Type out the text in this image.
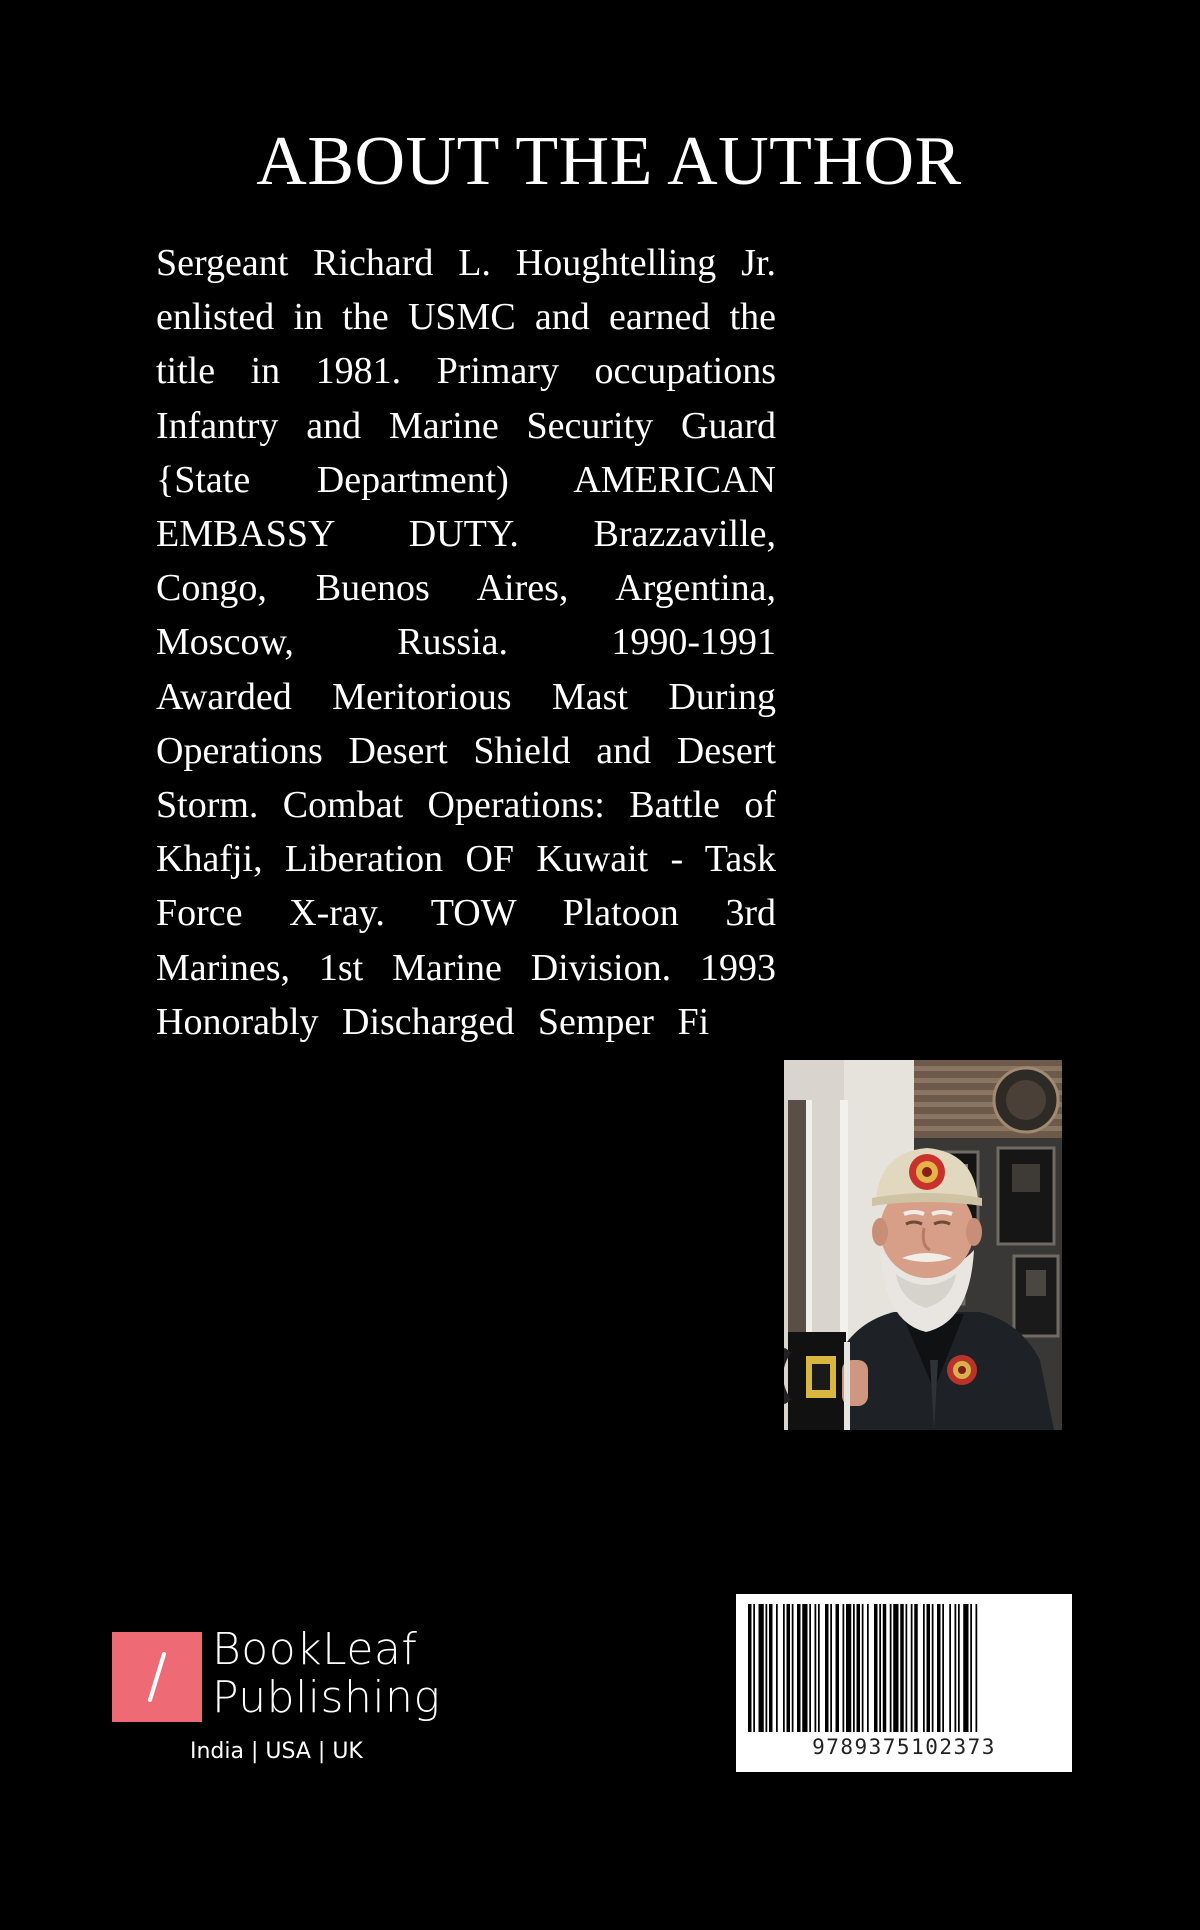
ABOUT THE AUTHOR
Sergeant Richard L. Houghtelling Jr.
enlisted in the USMC and earned the
title in 1981. Primary occupations
Infantry and Marine Security Guard
{State Department) AMERICAN
EMBASSY DUTY. Brazzaville,
Congo, Buenos Aires, Argentina,
Moscow, Russia. 1990-1991
Awarded Meritorious Mast During
Operations Desert Shield and Desert
Storm. Combat Operations: Battle of
Khafji, Liberation OF Kuwait - Task
Force X-ray. TOW Platoon 3rd
Marines, 1st Marine Division. 1993
Honorably Discharged Semper Fi
BookLeaf
Publishing
India | USA | UK	9789375102373
